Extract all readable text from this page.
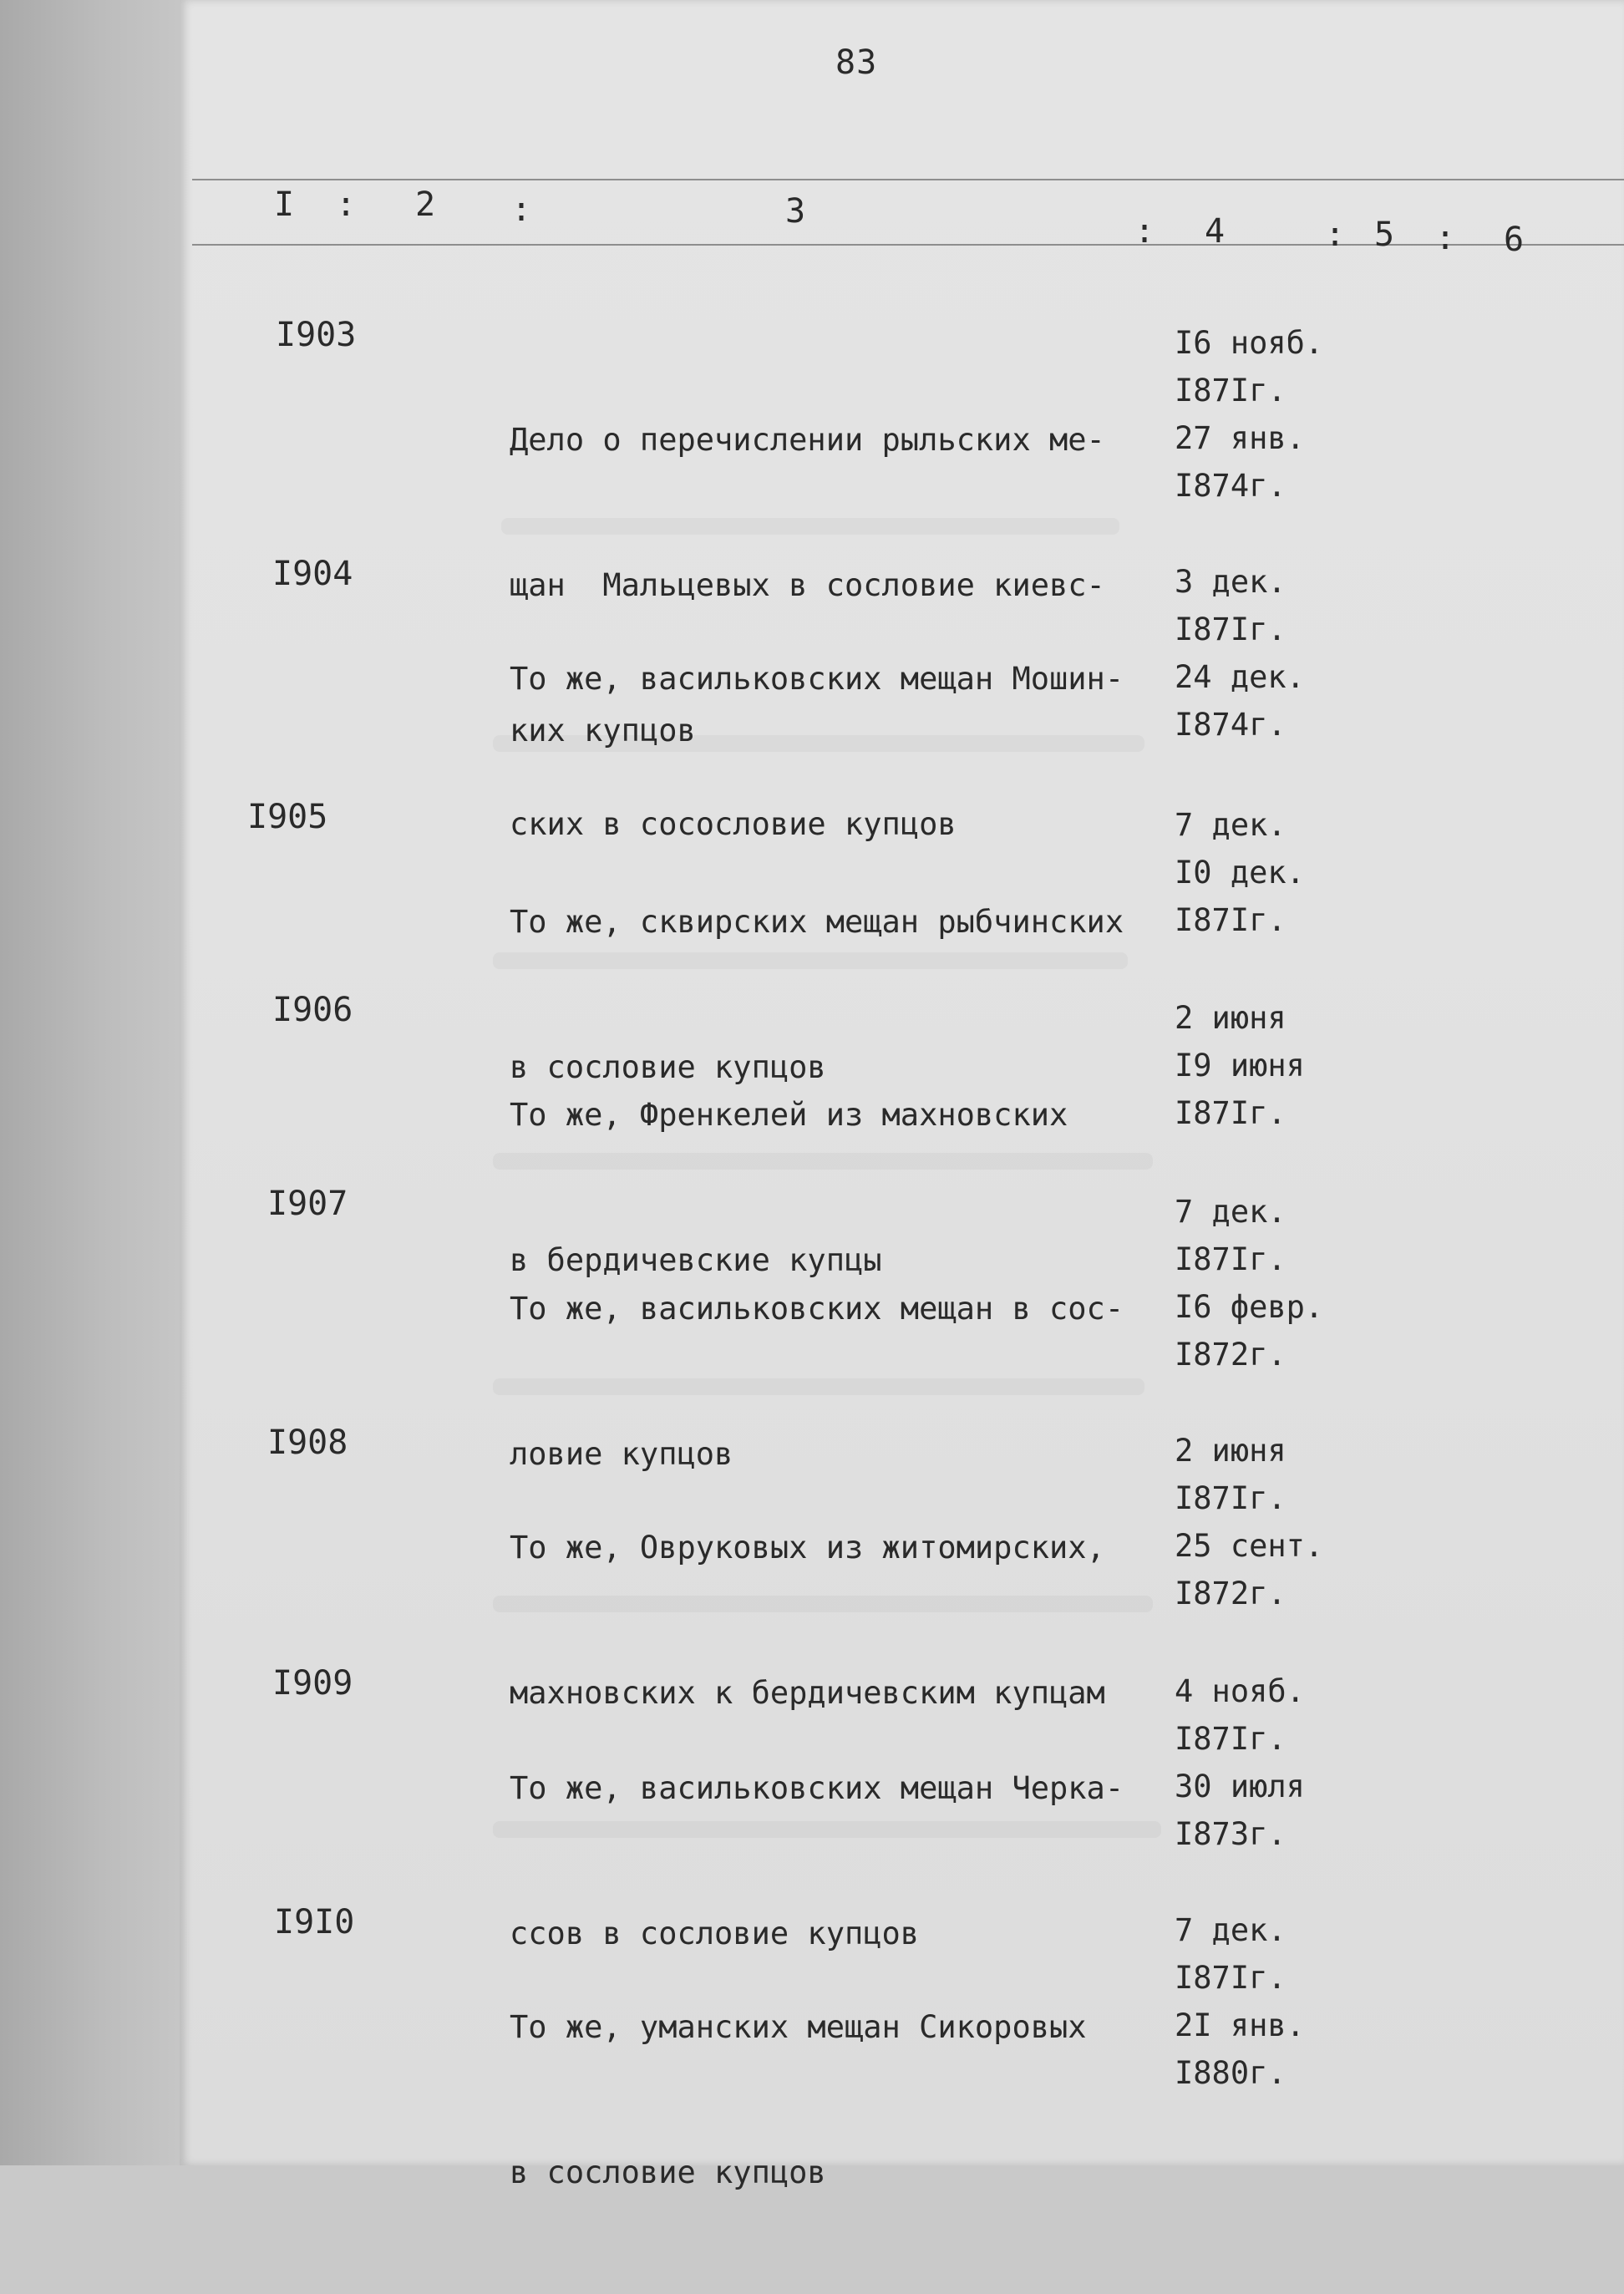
83
I : 2 :	3
: 4	: 5 : 6
I903

Дело о перечислении рыльских ме-

щан  Мальцевых в сословие киевс-

ких купцов

I6 нояб.
I87Iг.
27 янв.
I874г.
I904

То же, васильковских мещан Мошин-

ских в сосословие купцов

3 дек.
I87Iг.
24 дек.
I874г.
I905

То же, сквирских мещан рыбчинских

в сословие купцов

7 дек.
I0 дек.
I87Iг.
I906

То же, Френкелей из махновских

в бердичевские купцы

2 июня
I9 июня
I87Iг.
I907

То же, васильковских мещан в сос-

ловие купцов

7 дек.
I87Iг.
I6 февр.
I872г.
I908

То же, Овруковых из житомирских,

махновских к бердичевским купцам

2 июня
I87Iг.
25 сент.
I872г.
I909

То же, васильковских мещан Черка-

ссов в сословие купцов

4 нояб.
I87Iг.
30 июля
I873г.
I9I0

То же, уманских мещан Сикоровых

в сословие купцов

7 дек.
I87Iг.
2I янв.
I880г.
